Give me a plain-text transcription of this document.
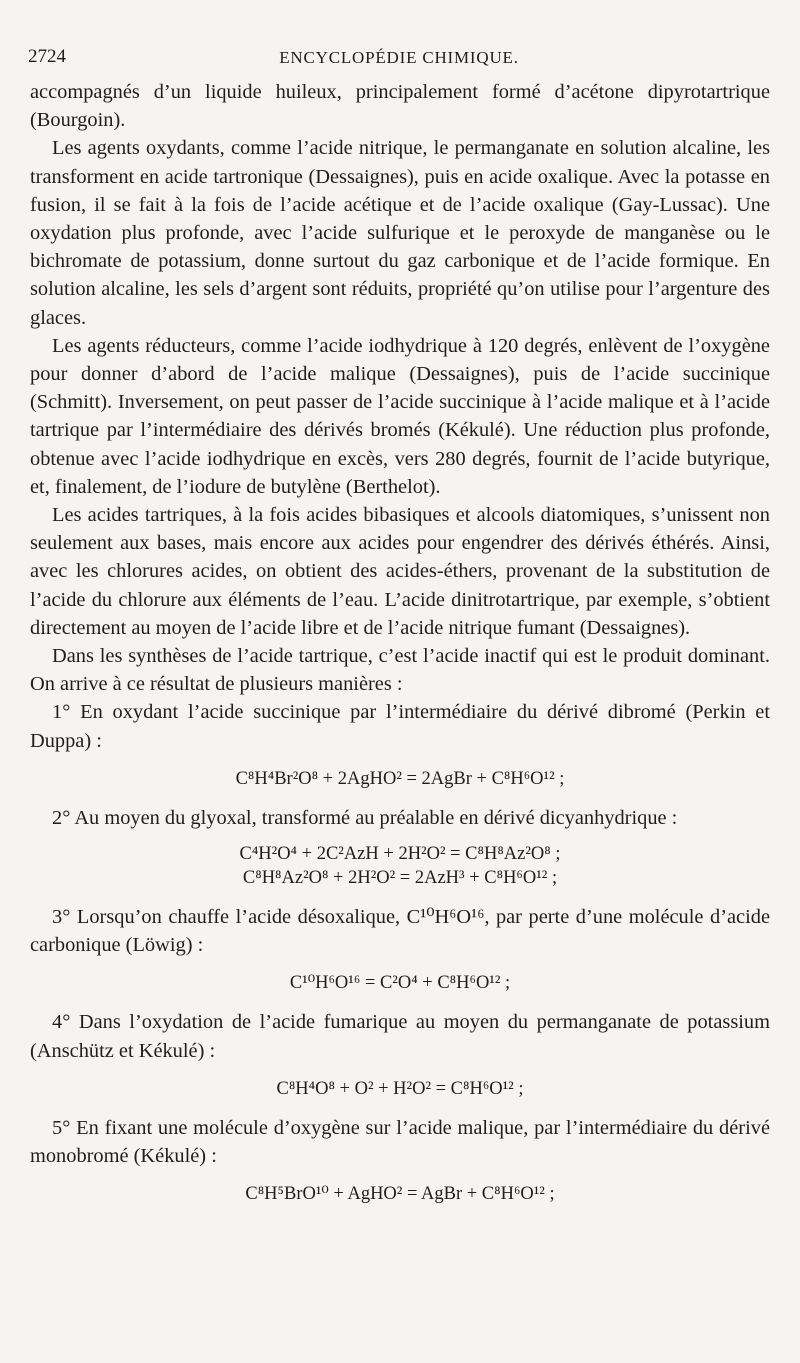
2724	ENCYCLOPÉDIE CHIMIQUE.

accompagnés d’un liquide huileux, principalement formé d’acétone dipyrotartrique (Bourgoin).

Les agents oxydants, comme l’acide nitrique, le permanganate en solution alcaline, les transforment en acide tartronique (Dessaignes), puis en acide oxalique. Avec la potasse en fusion, il se fait à la fois de l’acide acétique et de l’acide oxalique (Gay-Lussac). Une oxydation plus profonde, avec l’acide sulfurique et le peroxyde de manganèse ou le bichromate de potassium, donne surtout du gaz carbonique et de l’acide formique. En solution alcaline, les sels d’argent sont réduits, propriété qu’on utilise pour l’argenture des glaces.

Les agents réducteurs, comme l’acide iodhydrique à 120 degrés, enlèvent de l’oxygène pour donner d’abord de l’acide malique (Dessaignes), puis de l’acide succinique (Schmitt). Inversement, on peut passer de l’acide succinique à l’acide malique et à l’acide tartrique par l’intermédiaire des dérivés bromés (Kékulé). Une réduction plus profonde, obtenue avec l’acide iodhydrique en excès, vers 280 degrés, fournit de l’acide butyrique, et, finalement, de l’iodure de butylène (Berthelot).

Les acides tartriques, à la fois acides bibasiques et alcools diatomiques, s’unissent non seulement aux bases, mais encore aux acides pour engendrer des dérivés éthérés. Ainsi, avec les chlorures acides, on obtient des acides-éthers, provenant de la substitution de l’acide du chlorure aux éléments de l’eau. L’acide dinitrotartrique, par exemple, s’obtient directement au moyen de l’acide libre et de l’acide nitrique fumant (Dessaignes).

Dans les synthèses de l’acide tartrique, c’est l’acide inactif qui est le produit dominant. On arrive à ce résultat de plusieurs manières :

1° En oxydant l’acide succinique par l’intermédiaire du dérivé dibromé (Perkin et Duppa) :

C⁸H⁴Br²O⁸ + 2AgHO² = 2AgBr + C⁸H⁶O¹² ;

2° Au moyen du glyoxal, transformé au préalable en dérivé dicyanhydrique :

C⁴H²O⁴ + 2C²AzH + 2H²O² = C⁸H⁸Az²O⁸ ;
C⁸H⁸Az²O⁸ + 2H²O² = 2AzH³ + C⁸H⁶O¹² ;

3° Lorsqu’on chauffe l’acide désoxalique, C¹⁰H⁶O¹⁶, par perte d’une molécule d’acide carbonique (Löwig) :

C¹⁰H⁶O¹⁶ = C²O⁴ + C⁸H⁶O¹² ;

4° Dans l’oxydation de l’acide fumarique au moyen du permanganate de potassium (Anschütz et Kékulé) :

C⁸H⁴O⁸ + O² + H²O² = C⁸H⁶O¹² ;

5° En fixant une molécule d’oxygène sur l’acide malique, par l’intermédiaire du dérivé monobromé (Kékulé) :

C⁸H⁵BrO¹⁰ + AgHO² = AgBr + C⁸H⁶O¹² ;
